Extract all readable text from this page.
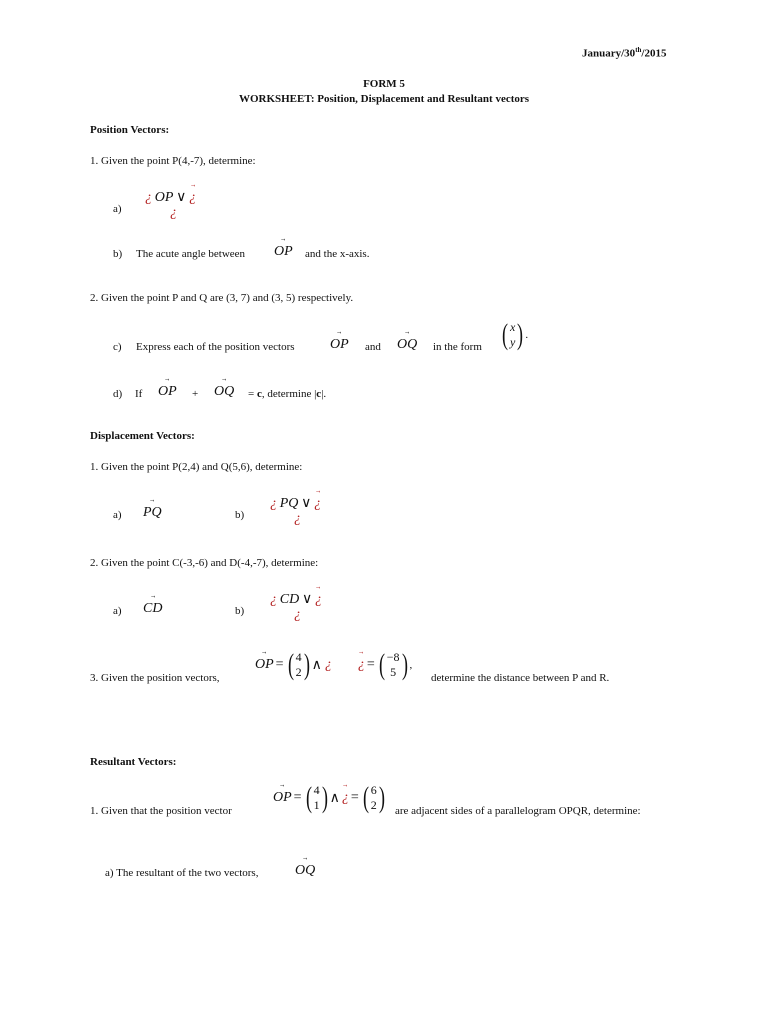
January/30th/2015
FORM 5
WORKSHEET: Position, Displacement and Resultant vectors
Position Vectors:
1. Given the point P(4,-7), determine:
a)
¿ OP ∨ → ¿
¿
b) The acute angle between → OP and the x-axis.
2. Given the point P and Q are (3, 7) and (3, 5) respectively.
c) Express each of the position vectors	→ OP and → OQ in the form ( x
y ) .
d) If → OP + → OQ = c, determine |c|.
Displacement Vectors:
1. Given the point P(2,4) and Q(5,6), determine:
a) → PQ	b)
¿ PQ ∨ → ¿
¿
2. Given the point C(-3,-6) and D(-4,-7), determine:
a) → CD	b)
¿ CD ∨ → ¿
¿
3. Given the position vectors,
→ OP = ( 4
2 ) ∧ ¿ → ¿ = ( −8
5 ) ,
determine the distance between P and R.
Resultant Vectors:
1. Given that the position vector
→ OP = ( 4
1 ) ∧ → ¿ = ( 6
2 ) are adjacent sides of a parallelogram OPQR, determine:
a) The resultant of the two vectors,	→ OQ
